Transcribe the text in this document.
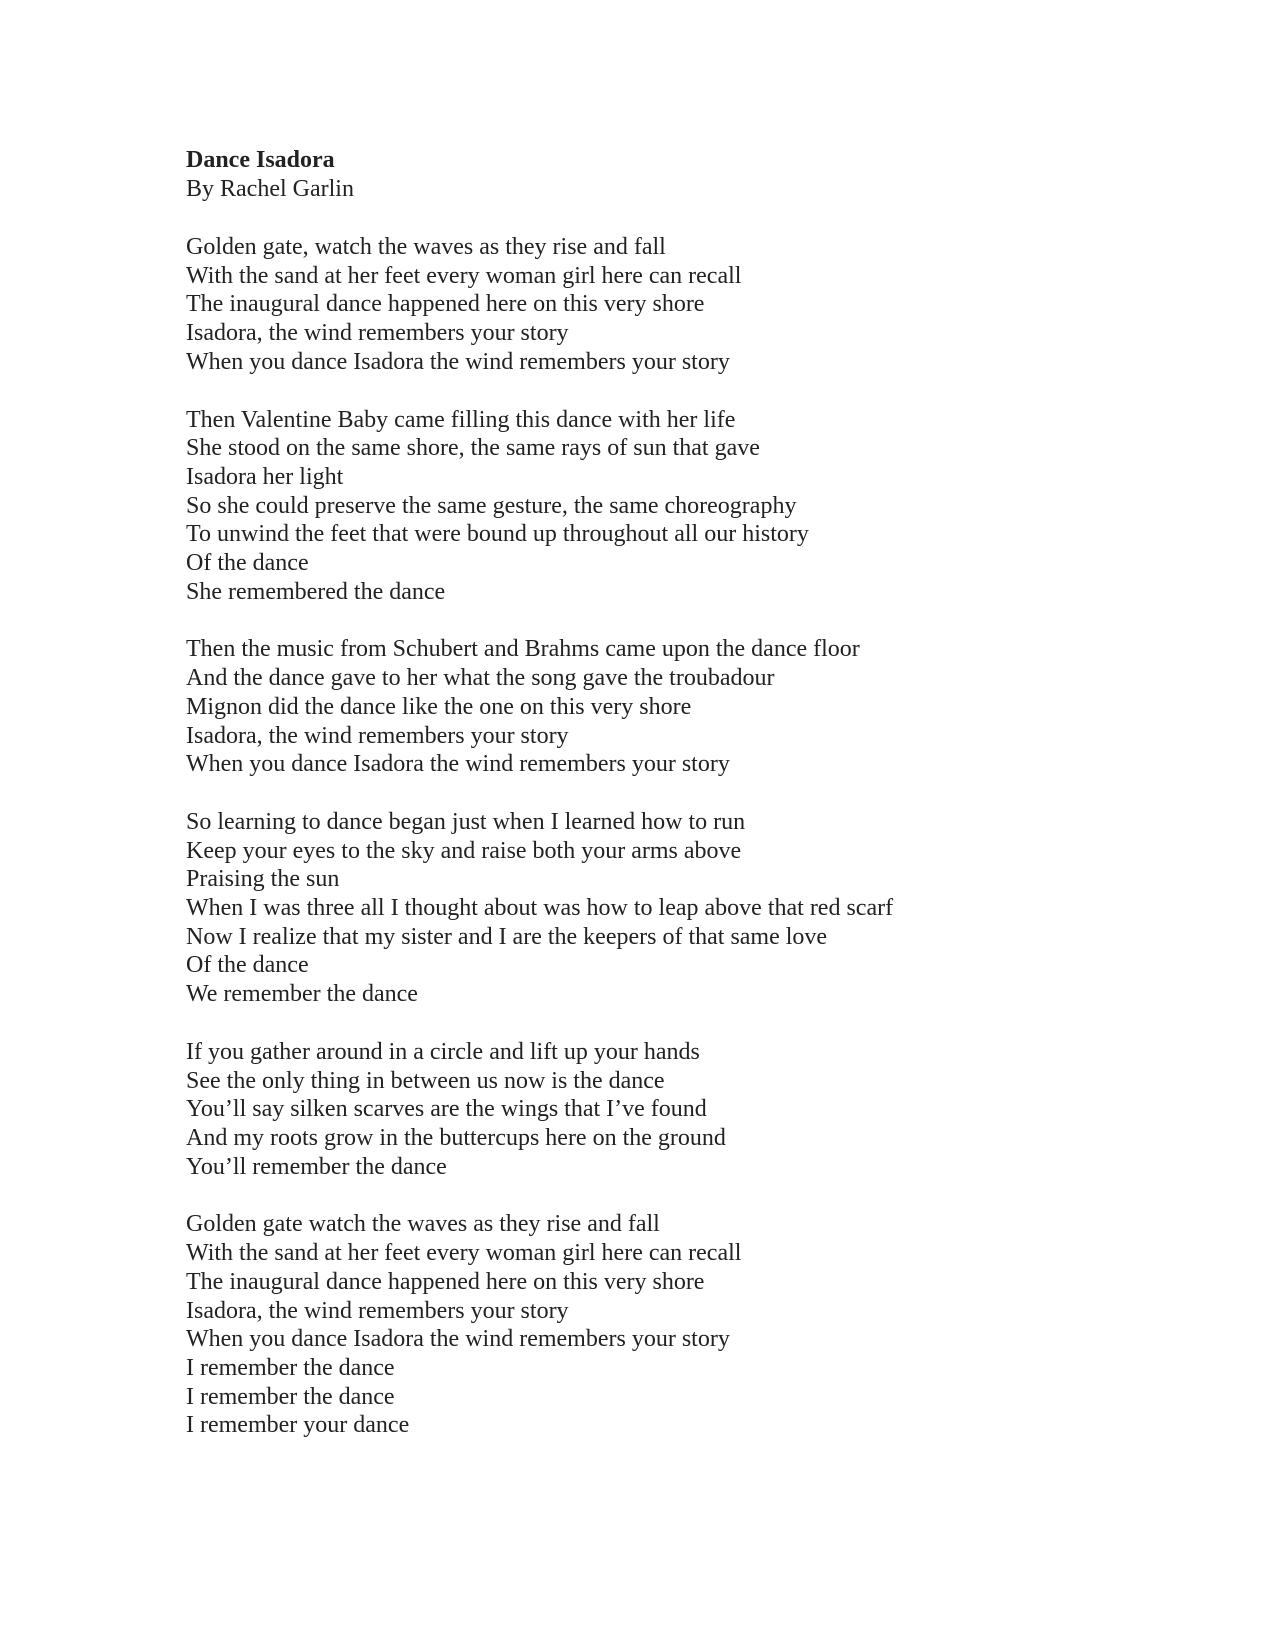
Dance Isadora
By Rachel Garlin
Golden gate, watch the waves as they rise and fall
With the sand at her feet every woman girl here can recall
The inaugural dance happened here on this very shore
Isadora, the wind remembers your story
When you dance Isadora the wind remembers your story
Then Valentine Baby came filling this dance with her life
She stood on the same shore, the same rays of sun that gave
Isadora her light
So she could preserve the same gesture, the same choreography
To unwind the feet that were bound up throughout all our history
Of the dance
She remembered the dance
Then the music from Schubert and Brahms came upon the dance floor
And the dance gave to her what the song gave the troubadour
Mignon did the dance like the one on this very shore
Isadora, the wind remembers your story
When you dance Isadora the wind remembers your story
So learning to dance began just when I learned how to run
Keep your eyes to the sky and raise both your arms above
Praising the sun
When I was three all I thought about was how to leap above that red scarf
Now I realize that my sister and I are the keepers of that same love
Of the dance
We remember the dance
If you gather around in a circle and lift up your hands
See the only thing in between us now is the dance
You’ll say silken scarves are the wings that I’ve found
And my roots grow in the buttercups here on the ground
You’ll remember the dance
Golden gate watch the waves as they rise and fall
With the sand at her feet every woman girl here can recall
The inaugural dance happened here on this very shore
Isadora, the wind remembers your story
When you dance Isadora the wind remembers your story
I remember the dance
I remember the dance
I remember your dance
